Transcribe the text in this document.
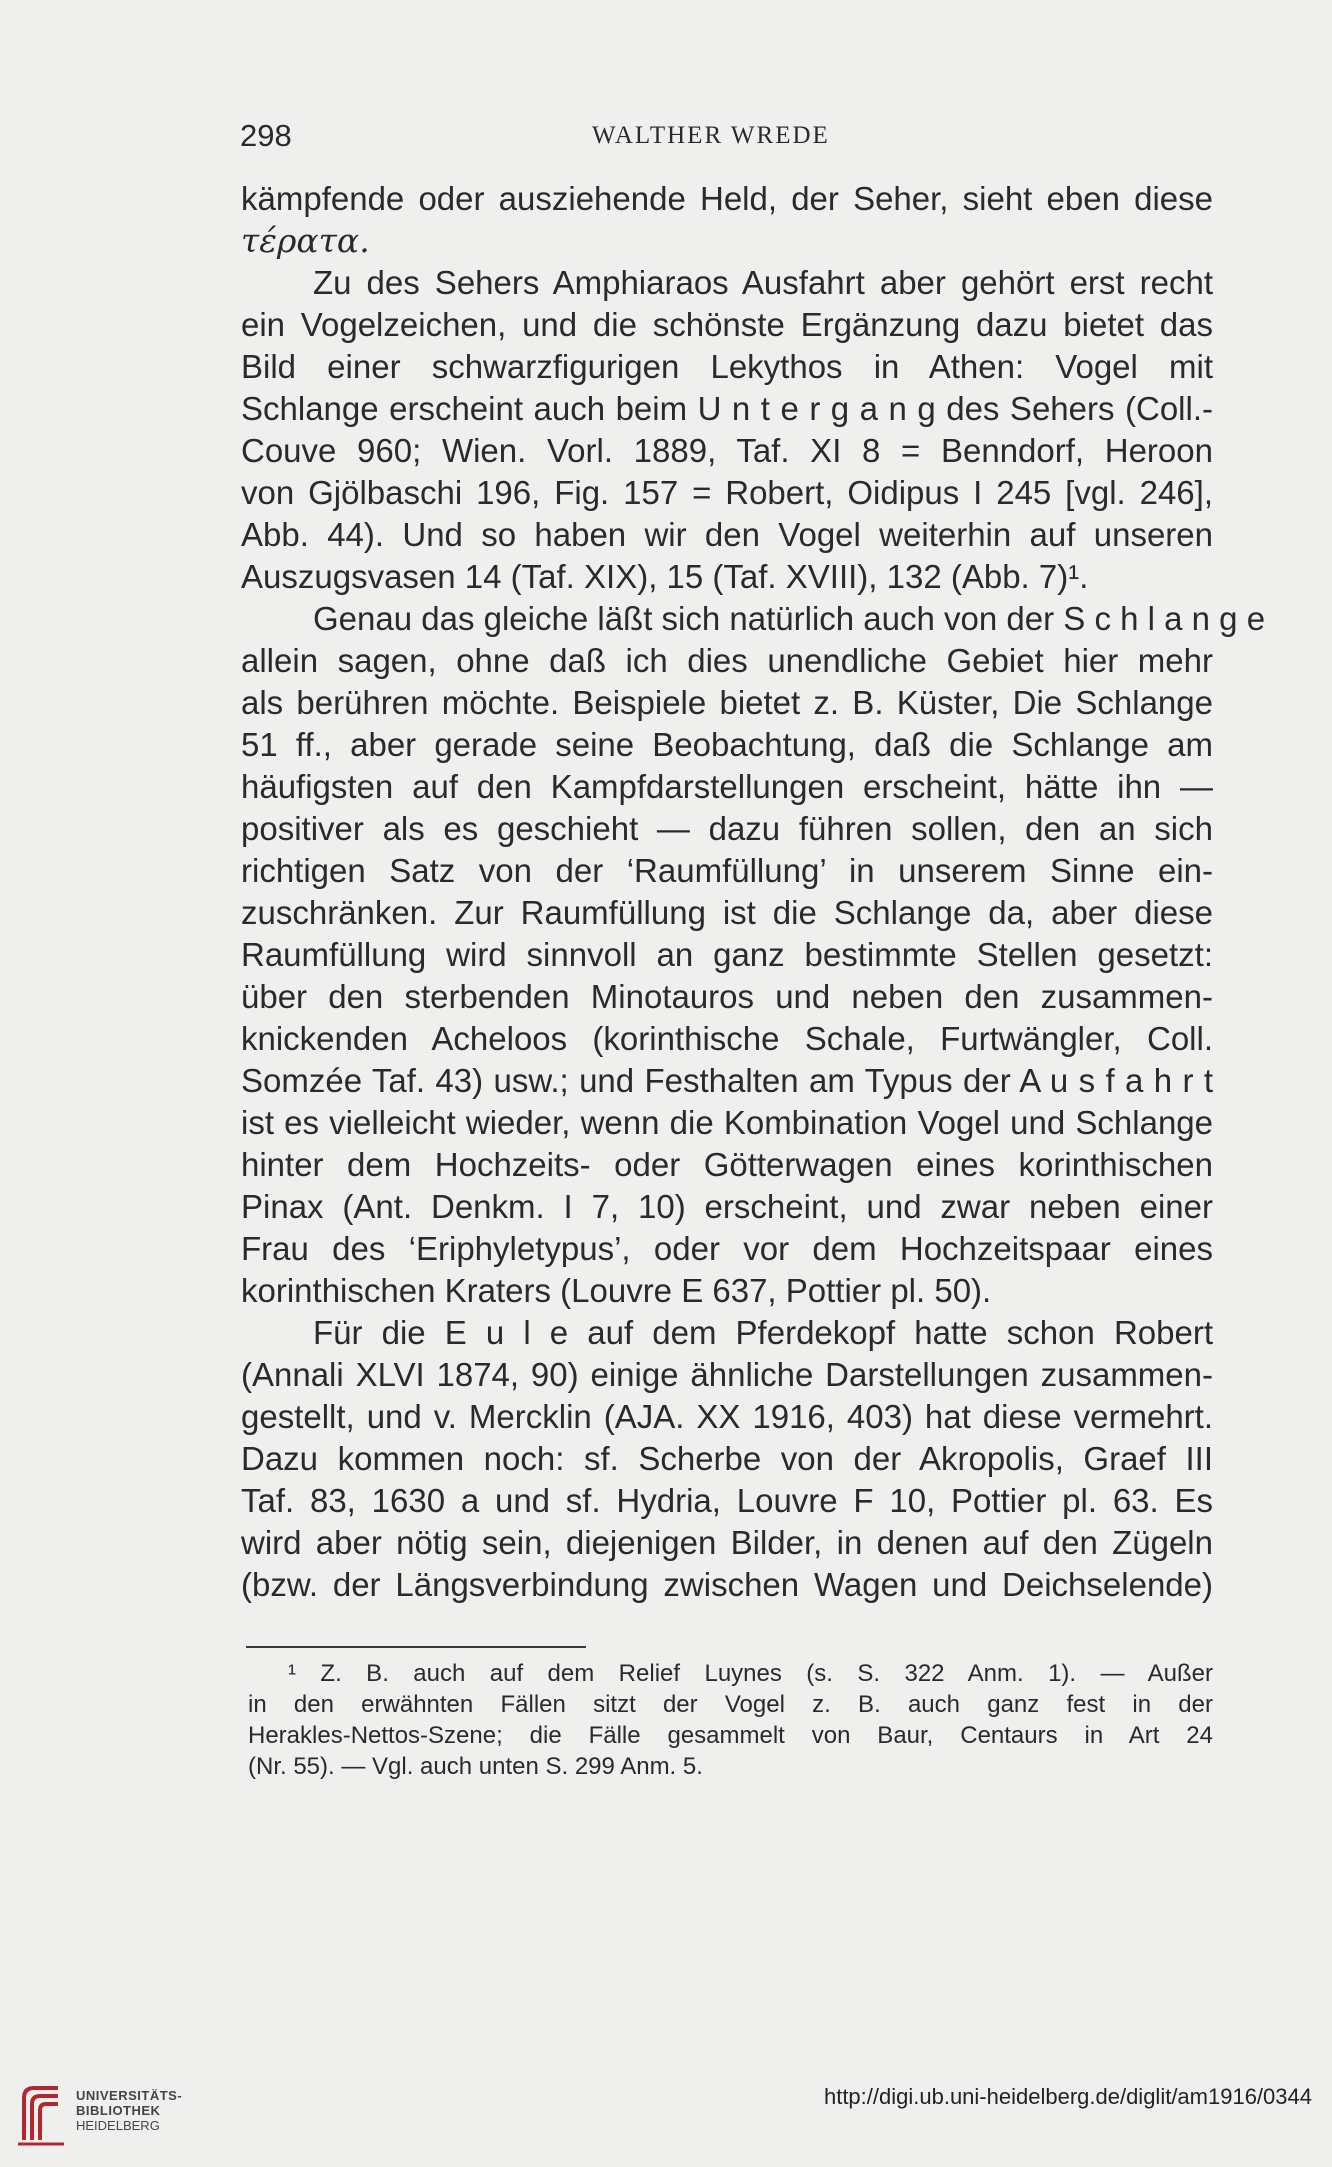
298	WALTHER WREDE
kämpfende oder ausziehende Held, der Seher, sieht eben diese
τέρατα.
Zu des Sehers Amphiaraos Ausfahrt aber gehört erst recht
ein Vogelzeichen, und die schönste Ergänzung dazu bietet das
Bild einer schwarzfigurigen Lekythos in Athen: Vogel mit
Schlange erscheint auch beim U n t e r g a n g des Sehers (Coll.-
Couve 960; Wien. Vorl. 1889, Taf. XI 8 = Benndorf, Heroon
von Gjölbaschi 196, Fig. 157 = Robert, Oidipus I 245 [vgl. 246],
Abb. 44). Und so haben wir den Vogel weiterhin auf unseren
Auszugsvasen 14 (Taf. XIX), 15 (Taf. XVIII), 132 (Abb. 7)¹.
Genau das gleiche läßt sich natürlich auch von der S c h l a n g e
allein sagen, ohne daß ich dies unendliche Gebiet hier mehr
als berühren möchte. Beispiele bietet z. B. Küster, Die Schlange
51 ff., aber gerade seine Beobachtung, daß die Schlange am
häufigsten auf den Kampfdarstellungen erscheint, hätte ihn —
positiver als es geschieht — dazu führen sollen, den an sich
richtigen Satz von der ‘Raumfüllung’ in unserem Sinne ein-
zuschränken. Zur Raumfüllung ist die Schlange da, aber diese
Raumfüllung wird sinnvoll an ganz bestimmte Stellen gesetzt:
über den sterbenden Minotauros und neben den zusammen-
knickenden Acheloos (korinthische Schale, Furtwängler, Coll.
Somzée Taf. 43) usw.; und Festhalten am Typus der A u s f a h r t
ist es vielleicht wieder, wenn die Kombination Vogel und Schlange
hinter dem Hochzeits- oder Götterwagen eines korinthischen
Pinax (Ant. Denkm. I 7, 10) erscheint, und zwar neben einer
Frau des ‘Eriphyletypus’, oder vor dem Hochzeitspaar eines
korinthischen Kraters (Louvre E 637, Pottier pl. 50).
Für die E u l e auf dem Pferdekopf hatte schon Robert
(Annali XLVI 1874, 90) einige ähnliche Darstellungen zusammen-
gestellt, und v. Mercklin (AJA. XX 1916, 403) hat diese vermehrt.
Dazu kommen noch: sf. Scherbe von der Akropolis, Graef III
Taf. 83, 1630 a und sf. Hydria, Louvre F 10, Pottier pl. 63. Es
wird aber nötig sein, diejenigen Bilder, in denen auf den Zügeln
(bzw. der Längsverbindung zwischen Wagen und Deichselende)
¹ Z. B. auch auf dem Relief Luynes (s. S. 322 Anm. 1). — Außer
in den erwähnten Fällen sitzt der Vogel z. B. auch ganz fest in der
Herakles-Nettos-Szene; die Fälle gesammelt von Baur, Centaurs in Art 24
(Nr. 55). — Vgl. auch unten S. 299 Anm. 5.
UNIVERSITÄTS-
BIBLIOTHEK
HEIDELBERG
http://digi.ub.uni-heidelberg.de/diglit/am1916/0344
